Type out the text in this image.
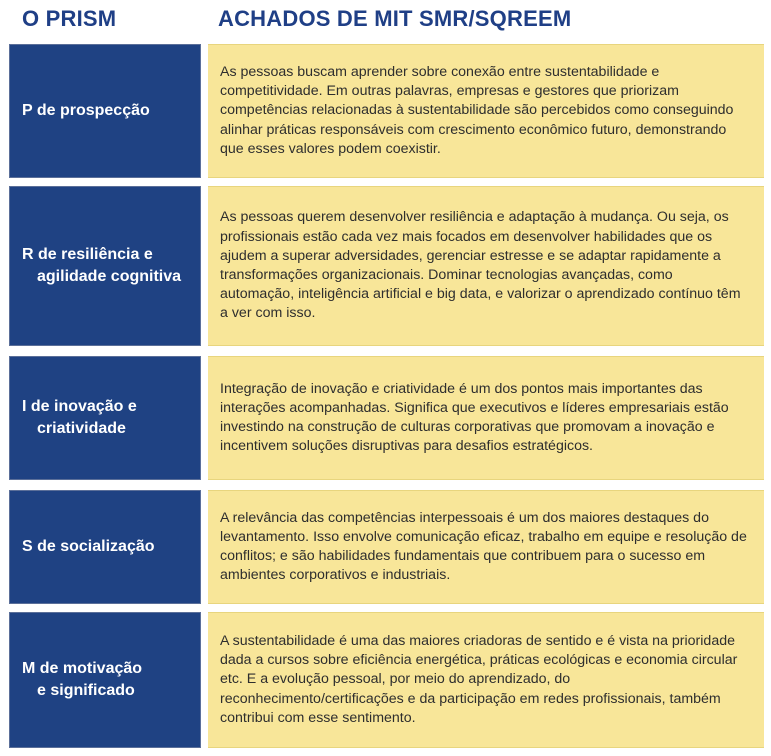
O PRISM	ACHADOS DE MIT SMR/SQREEM
P de prospecção
As pessoas buscam aprender sobre conexão entre sustentabilidade e competitividade. Em outras palavras, empresas e gestores que priorizam competências relacionadas à sustentabilidade são percebidos como conseguindo alinhar práticas responsáveis com crescimento econômico futuro, demonstrando que esses valores podem coexistir.
R de resiliência e
agilidade cognitiva
As pessoas querem desenvolver resiliência e adaptação à mudança. Ou seja, os profissionais estão cada vez mais focados em desenvolver habilidades que os ajudem a superar adversidades, gerenciar estresse e se adaptar rapidamente a transformações organizacionais. Dominar tecnologias avançadas, como automação, inteligência artificial e big data, e valorizar o aprendizado contínuo têm a ver com isso.
I de inovação e
criatividade
Integração de inovação e criatividade é um dos pontos mais importantes das interações acompanhadas. Significa que executivos e líderes empresariais estão investindo na construção de culturas corporativas que promovam a inovação e incentivem soluções disruptivas para desafios estratégicos.
S de socialização
A relevância das competências interpessoais é um dos maiores destaques do levantamento. Isso envolve comunicação eficaz, trabalho em equipe e resolução de conflitos; e são habilidades fundamentais que contribuem para o sucesso em ambientes corporativos e industriais.
M de motivação
e significado
A sustentabilidade é uma das maiores criadoras de sentido e é vista na prioridade dada a cursos sobre eficiência energética, práticas ecológicas e economia circular etc. E a evolução pessoal, por meio do aprendizado, do reconhecimento/certificações e da participação em redes profissionais, também contribui com esse sentimento.
